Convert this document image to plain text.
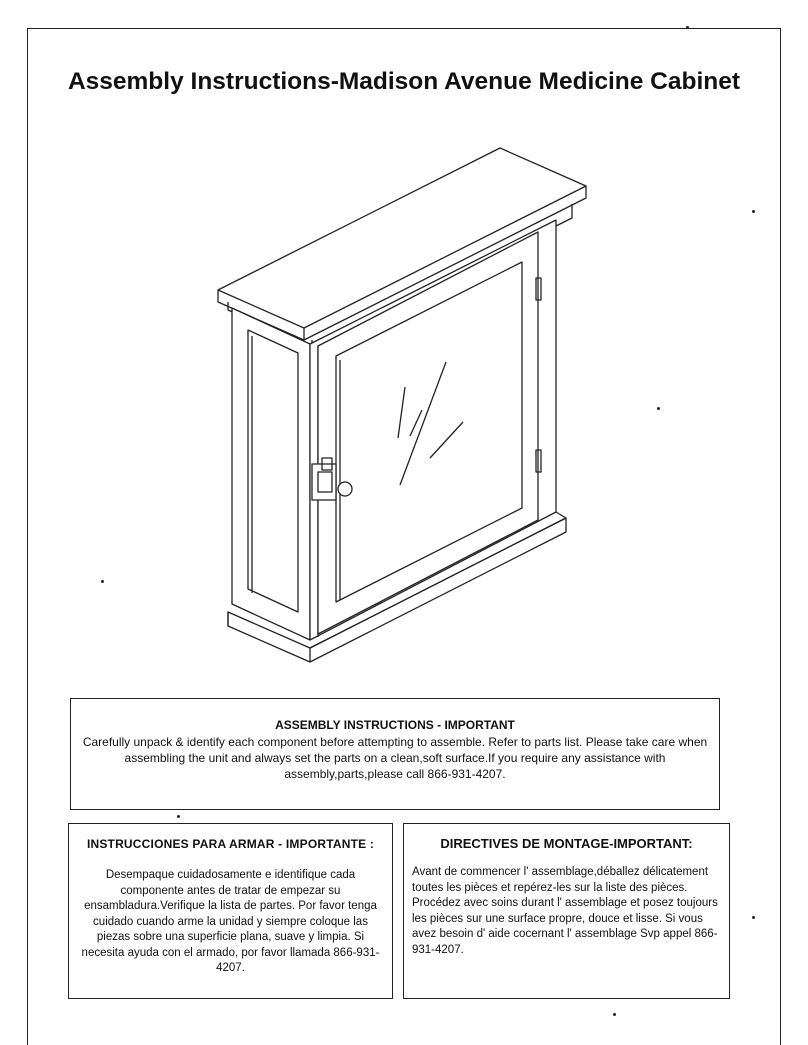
Assembly Instructions-Madison Avenue Medicine Cabinet
ASSEMBLY INSTRUCTIONS - IMPORTANT
Carefully unpack & identify each component before attempting to assemble. Refer to parts list. Please take care when assembling the unit and always set the parts on a clean,soft surface.If you require any assistance with assembly,parts,please call 866-931-4207.
INSTRUCCIONES PARA ARMAR - IMPORTANTE :
Desempaque cuidadosamente e identifique cada componente antes de tratar de empezar su ensambladura.Verifique la lista de partes. Por favor tenga cuidado cuando arme la unidad y siempre coloque las piezas sobre una superficie plana, suave y limpia. Si necesita ayuda con el armado, por favor llamada 866-931-4207.
DIRECTIVES DE MONTAGE-IMPORTANT:
Avant de commencer l' assemblage,déballez délicatement toutes les pièces et repérez-les sur la liste des pièces. Procédez avec soins durant l' assemblage et posez toujours les pièces sur une surface propre, douce et lisse. Si vous avez besoin d' aide cocernant l' assemblage Svp appel 866-931-4207.
